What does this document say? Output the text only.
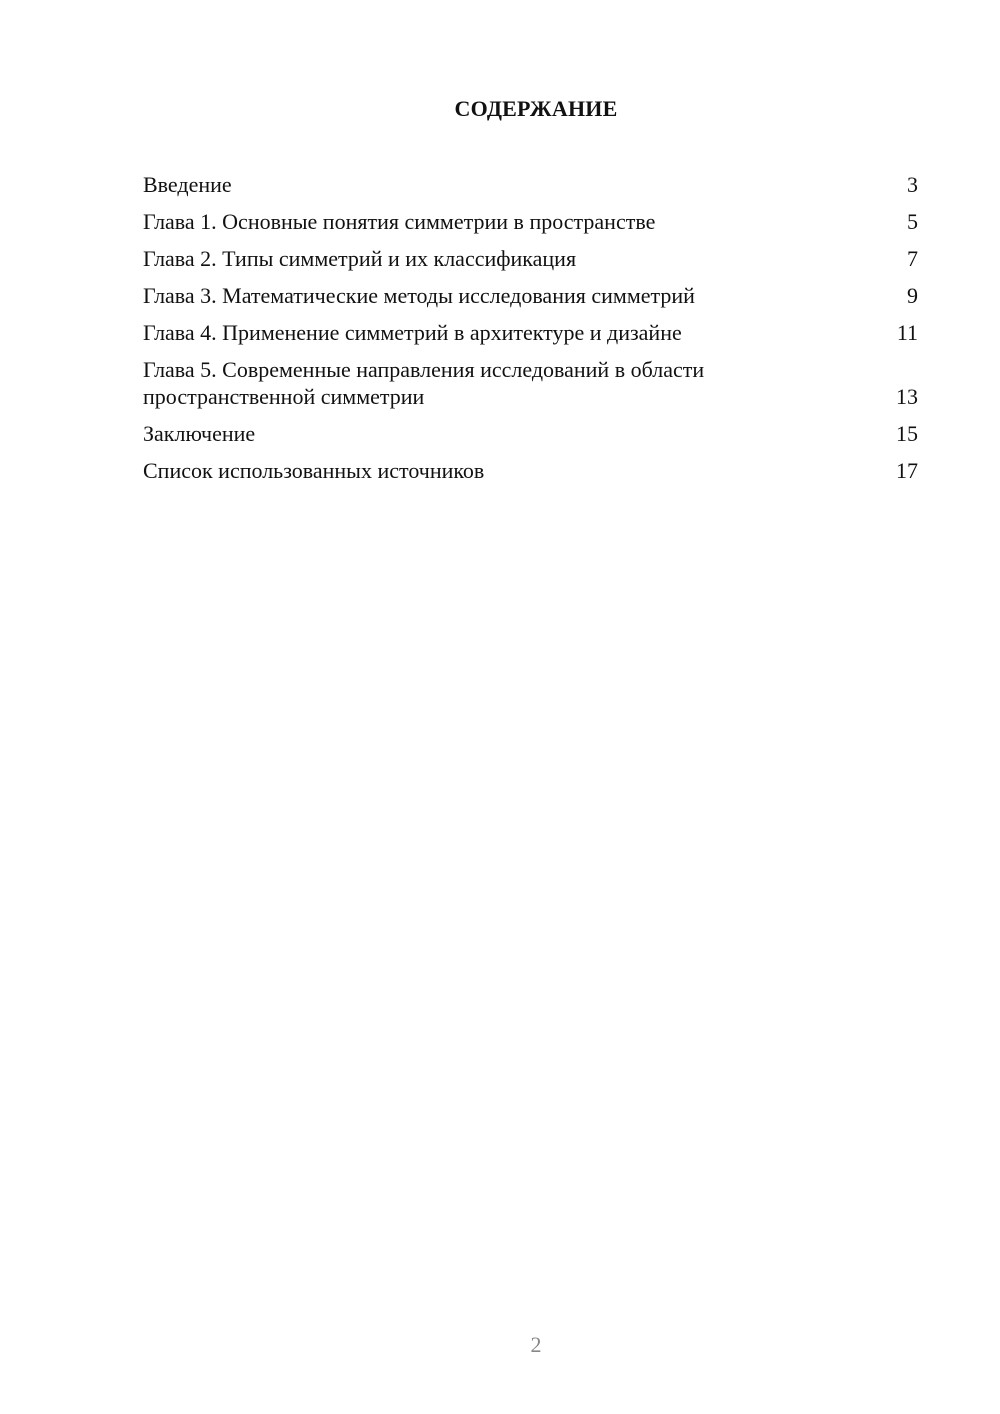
СОДЕРЖАНИЕ
Введение	3
Глава 1. Основные понятия симметрии в пространстве	5
Глава 2. Типы симметрий и их классификация	7
Глава 3. Математические методы исследования симметрий	9
Глава 4. Применение симметрий в архитектуре и дизайне	11
Глава 5. Современные направления исследований в области пространственной симметрии	13
Заключение	15
Список использованных источников	17
2
